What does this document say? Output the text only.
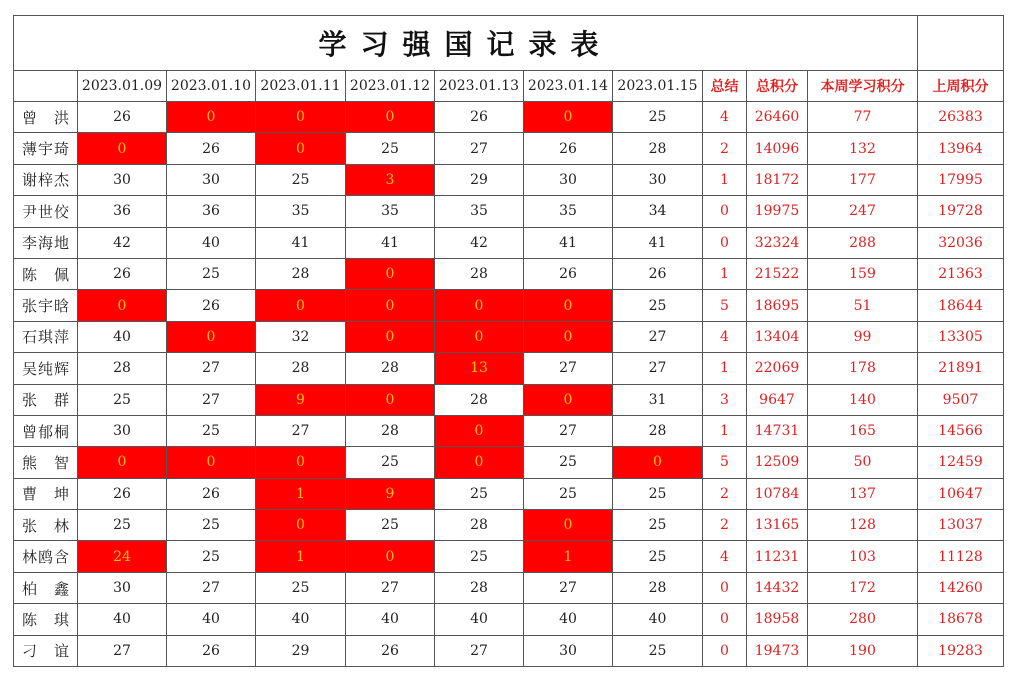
学习强国记录表											
	2023.01.09	2023.01.10	2023.01.11	2023.01.12	2023.01.13	2023.01.14	2023.01.15	总结	总积分	本周学习积分	上周积分
曾洪	26	0	0	0	26	0	25	4	26460	77	26383
薄宇琦	0	26	0	25	27	26	28	2	14096	132	13964
谢梓杰	30	30	25	3	29	30	30	1	18172	177	17995
尹世佼	36	36	35	35	35	35	34	0	19975	247	19728
李海地	42	40	41	41	42	41	41	0	32324	288	32036
陈佩	26	25	28	0	28	26	26	1	21522	159	21363
张宇晗	0	26	0	0	0	0	25	5	18695	51	18644
石琪萍	40	0	32	0	0	0	27	4	13404	99	13305
吴纯辉	28	27	28	28	13	27	27	1	22069	178	21891
张群	25	27	9	0	28	0	31	3	9647	140	9507
曾郁桐	30	25	27	28	0	27	28	1	14731	165	14566
熊智	0	0	0	25	0	25	0	5	12509	50	12459
曹坤	26	26	1	9	25	25	25	2	10784	137	10647
张林	25	25	0	25	28	0	25	2	13165	128	13037
林鸥含	24	25	1	0	25	1	25	4	11231	103	11128
柏鑫	30	27	25	27	28	27	28	0	14432	172	14260
陈琪	40	40	40	40	40	40	40	0	18958	280	18678
刁谊	27	26	29	26	27	30	25	0	19473	190	19283
